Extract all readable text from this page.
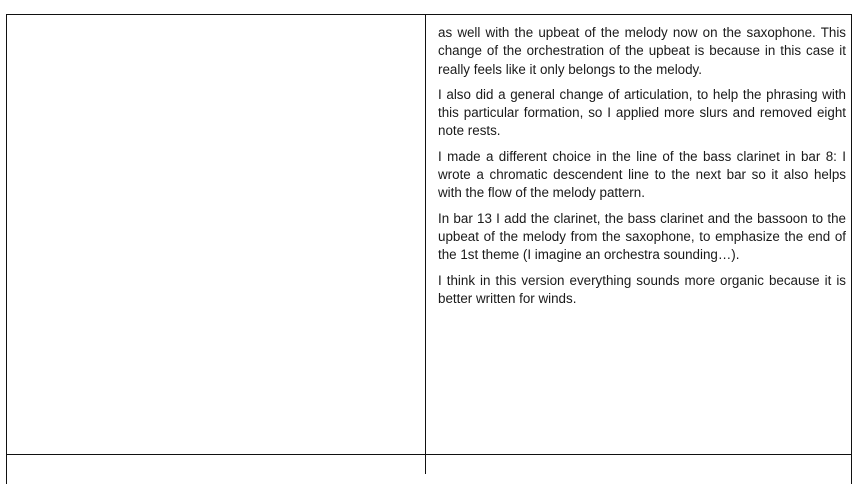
as well with the upbeat of the melody now on the saxophone. This change of the orchestration of the upbeat is because in this case it really feels like it only belongs to the melody.

I also did a general change of articulation, to help the phrasing with this particular formation, so I applied more slurs and removed eight note rests.

I made a different choice in the line of the bass clarinet in bar 8: I wrote a chromatic descendent line to the next bar so it also helps with the flow of the melody pattern.

In bar 13 I add the clarinet, the bass clarinet and the bassoon to the upbeat of the melody from the saxophone, to emphasize the end of the 1st theme (I imagine an orchestra sounding…).

I think in this version everything sounds more organic because it is better written for winds.
